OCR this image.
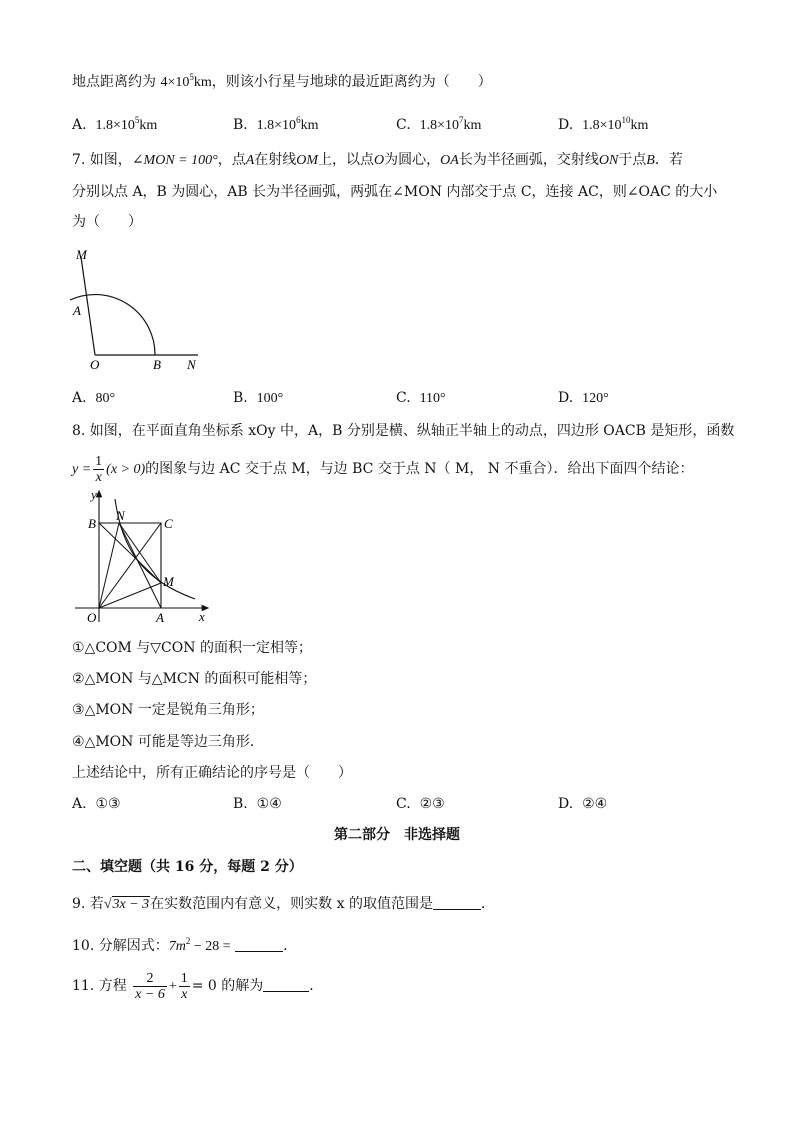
地点距离约为 $4\times 10^5km$，则该小行星与地球的最近距离约为（　　）
A. $1.8\times 10^5km$	B. $1.8\times 10^6km$	C. $1.8\times 10^7km$	D. $1.8\times 10^{10}km$
7. 如图，∠MON = 100°，点A在射线OM上，以点O为圆心，OA长为半径画弧，交射线ON于点B．若
分别以点 A，B 为圆心，AB 长为半径画弧，两弧在∠MON 内部交于点 C，连接 AC，则∠OAC 的大小
为（　　）
M
A
O	B N
A. 80°	B. 100°	C. 110°	D. 120°
8. 如图，在平面直角坐标系 xOy 中，A，B 分别是横、纵轴正半轴上的动点，四边形 OACB 是矩形，函数
$y = \frac{1}{x} (x > 0)$的图象与边 AC 交于点 M，与边 BC 交于点 N（ M， N 不重合）．给出下面四个结论：
y
B
N
C
M
O	A	x
①△COM 与▽CON 的面积一定相等；
②△MON 与△MCN 的面积可能相等；
③△MON 一定是锐角三角形；
④△MON 可能是等边三角形．
上述结论中，所有正确结论的序号是（　　）
A. ①③	B. ①④	C. ②③	D. ②④
第二部分　非选择题
二、填空题（共 16 分，每题 2 分）
9. 若√3x − 3在实数范围内有意义，则实数 x 的取值范围是	．
10. 分解因式：$7m^2 - 28$ =	．
11. 方程 $\frac{2}{x - 6} + \frac{1}{x} = 0$ 的解为	．
